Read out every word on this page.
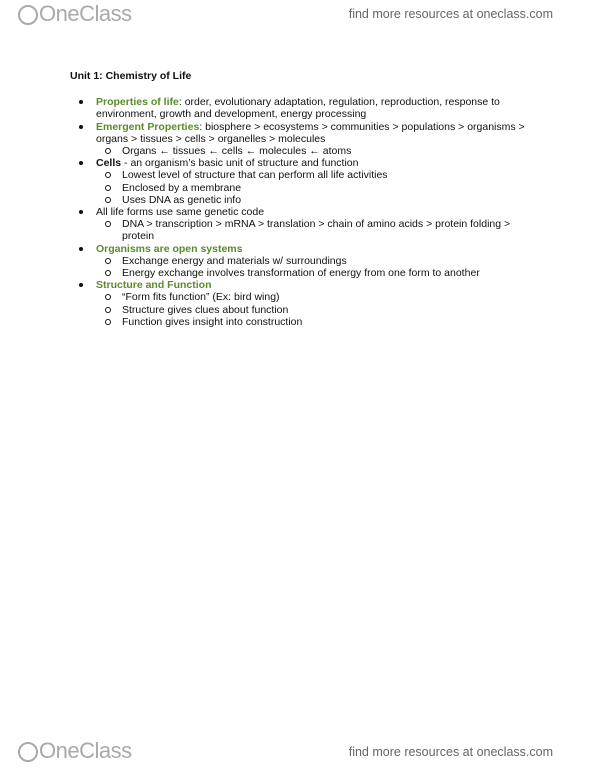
OneClass	find more resources at oneclass.com
Unit 1: Chemistry of Life
Properties of life: order, evolutionary adaptation, regulation, reproduction, response to environment, growth and development, energy processing
Emergent Properties: biosphere > ecosystems > communities > populations > organisms > organs > tissues > cells > organelles > molecules
Organs ← tissues ← cells ← molecules ← atoms
Cells - an organism’s basic unit of structure and function
Lowest level of structure that can perform all life activities
Enclosed by a membrane
Uses DNA as genetic info
All life forms use same genetic code
DNA > transcription > mRNA > translation > chain of amino acids > protein folding > protein
Organisms are open systems
Exchange energy and materials w/ surroundings
Energy exchange involves transformation of energy from one form to another
Structure and Function
“Form fits function” (Ex: bird wing)
Structure gives clues about function
Function gives insight into construction
OneClass	find more resources at oneclass.com
